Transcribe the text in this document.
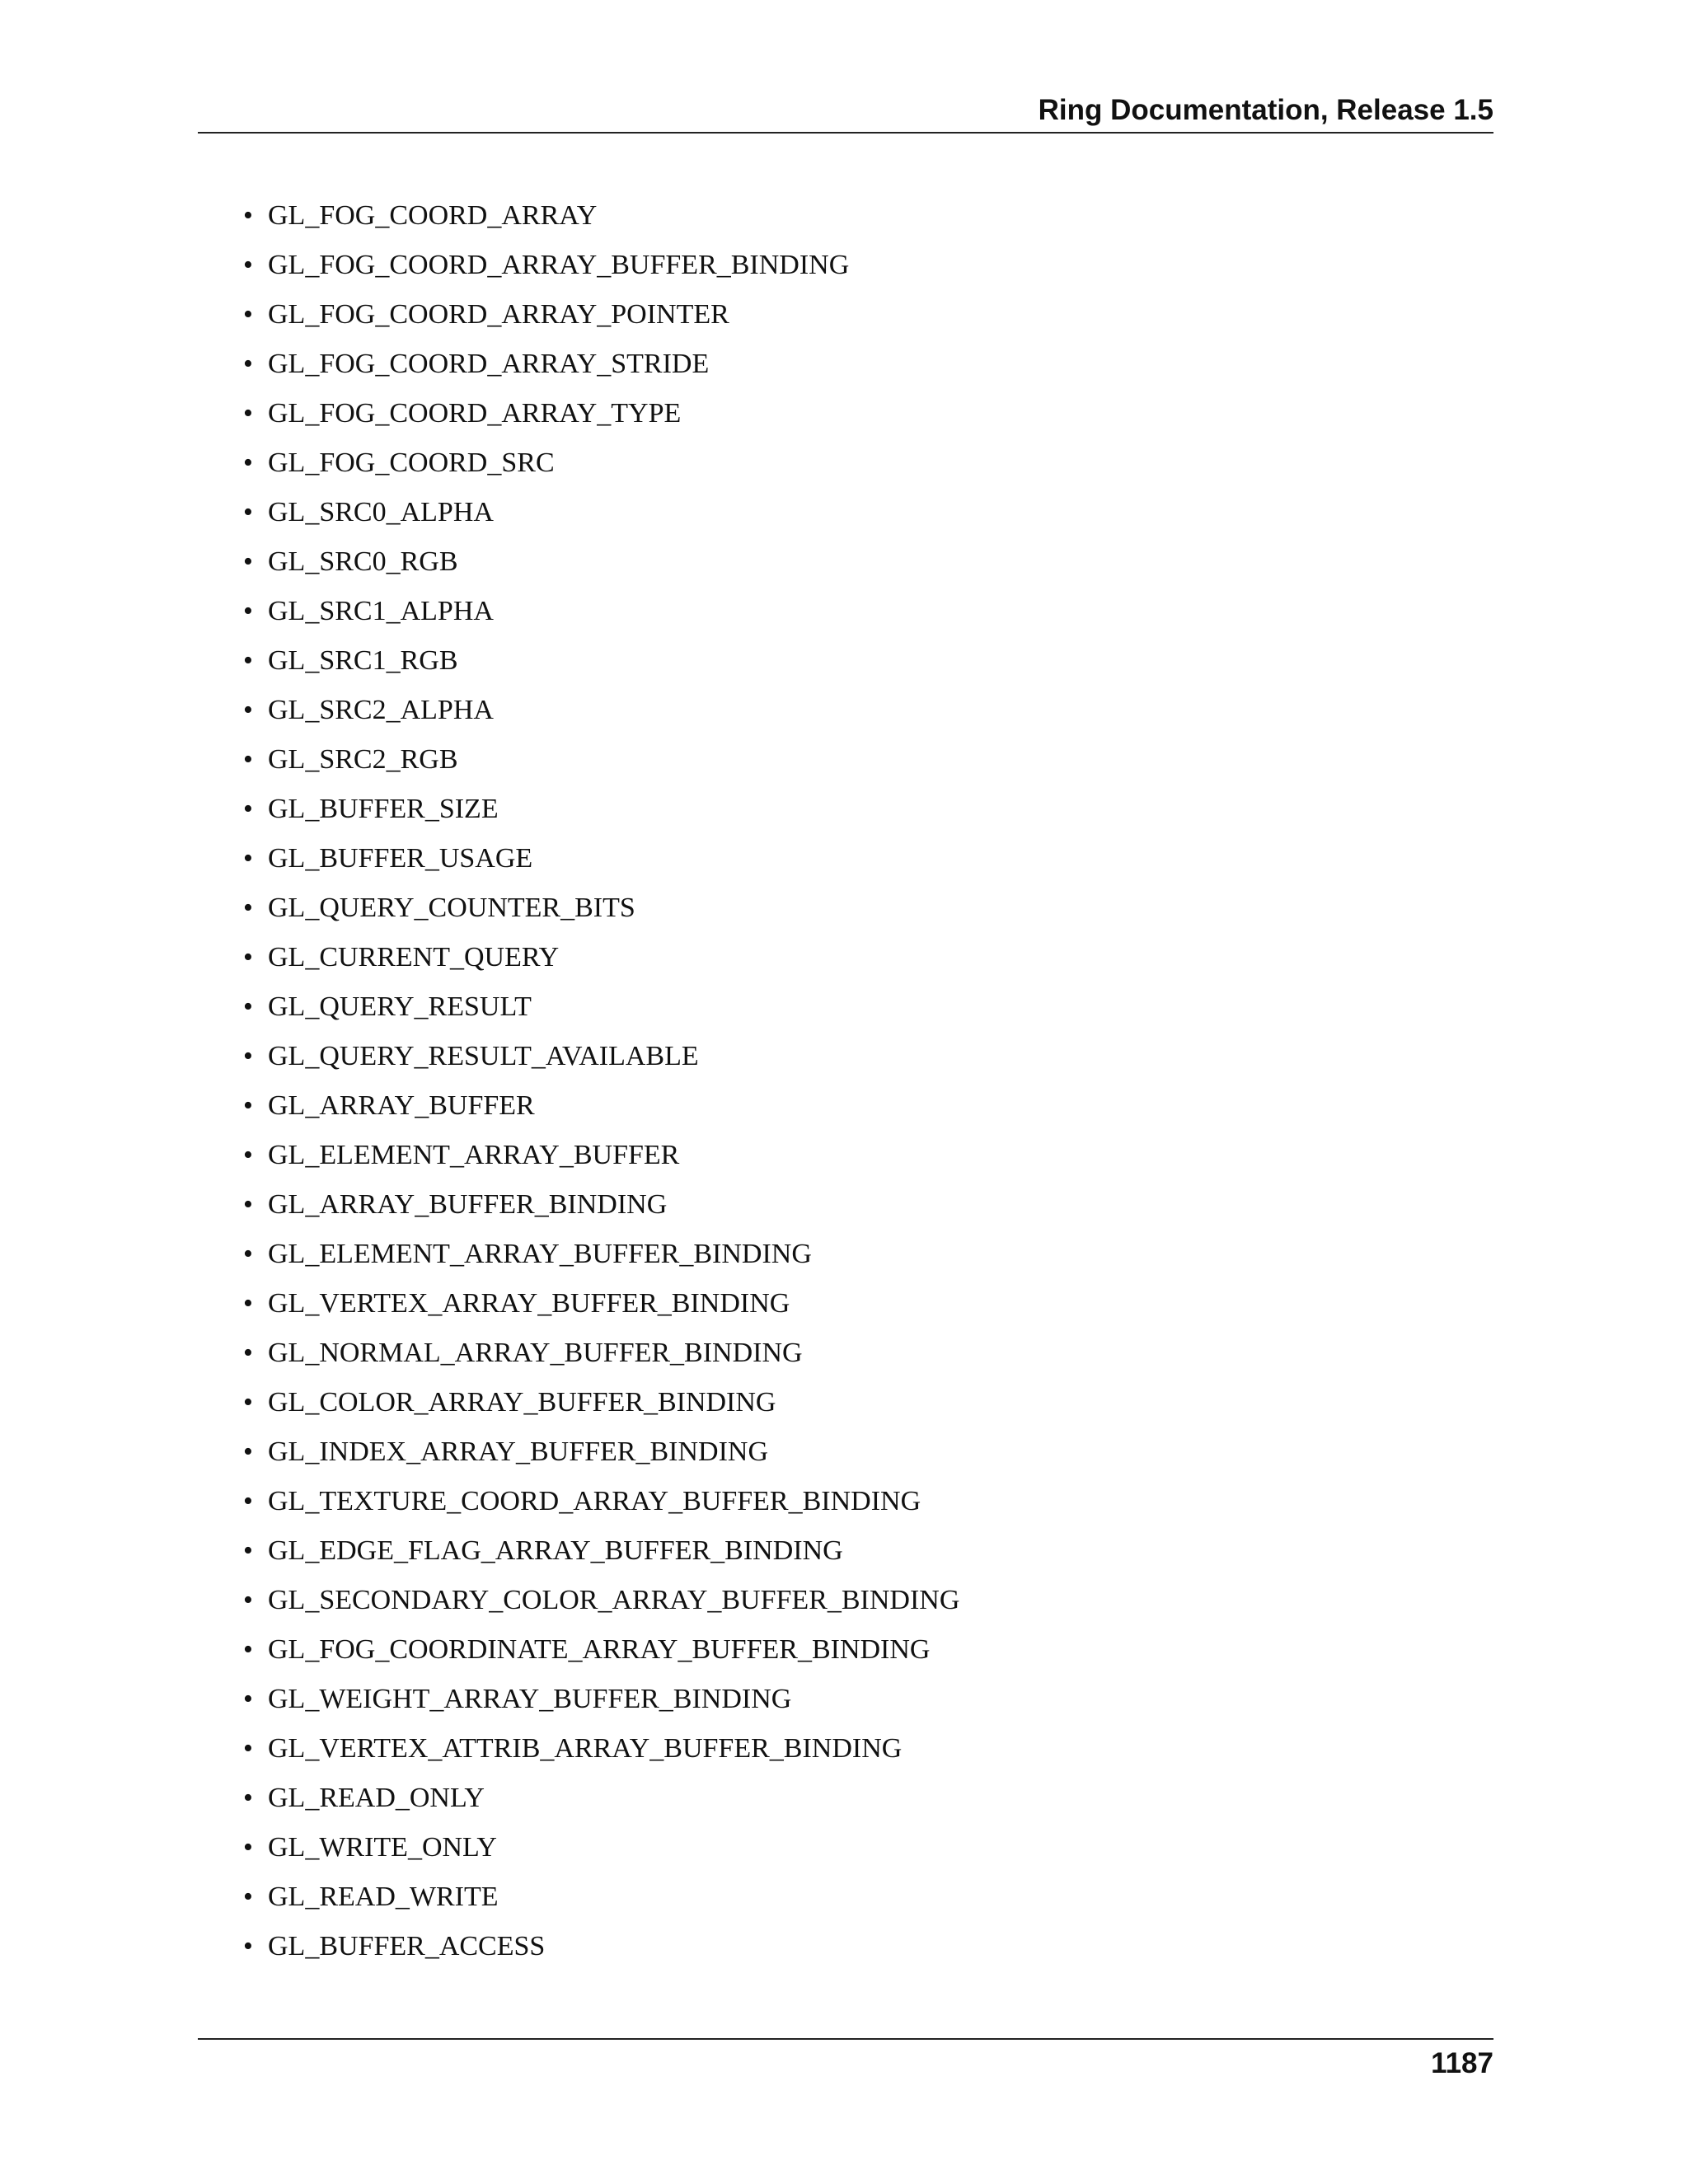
Ring Documentation, Release 1.5
• GL_FOG_COORD_ARRAY
• GL_FOG_COORD_ARRAY_BUFFER_BINDING
• GL_FOG_COORD_ARRAY_POINTER
• GL_FOG_COORD_ARRAY_STRIDE
• GL_FOG_COORD_ARRAY_TYPE
• GL_FOG_COORD_SRC
• GL_SRC0_ALPHA
• GL_SRC0_RGB
• GL_SRC1_ALPHA
• GL_SRC1_RGB
• GL_SRC2_ALPHA
• GL_SRC2_RGB
• GL_BUFFER_SIZE
• GL_BUFFER_USAGE
• GL_QUERY_COUNTER_BITS
• GL_CURRENT_QUERY
• GL_QUERY_RESULT
• GL_QUERY_RESULT_AVAILABLE
• GL_ARRAY_BUFFER
• GL_ELEMENT_ARRAY_BUFFER
• GL_ARRAY_BUFFER_BINDING
• GL_ELEMENT_ARRAY_BUFFER_BINDING
• GL_VERTEX_ARRAY_BUFFER_BINDING
• GL_NORMAL_ARRAY_BUFFER_BINDING
• GL_COLOR_ARRAY_BUFFER_BINDING
• GL_INDEX_ARRAY_BUFFER_BINDING
• GL_TEXTURE_COORD_ARRAY_BUFFER_BINDING
• GL_EDGE_FLAG_ARRAY_BUFFER_BINDING
• GL_SECONDARY_COLOR_ARRAY_BUFFER_BINDING
• GL_FOG_COORDINATE_ARRAY_BUFFER_BINDING
• GL_WEIGHT_ARRAY_BUFFER_BINDING
• GL_VERTEX_ATTRIB_ARRAY_BUFFER_BINDING
• GL_READ_ONLY
• GL_WRITE_ONLY
• GL_READ_WRITE
• GL_BUFFER_ACCESS
1187
